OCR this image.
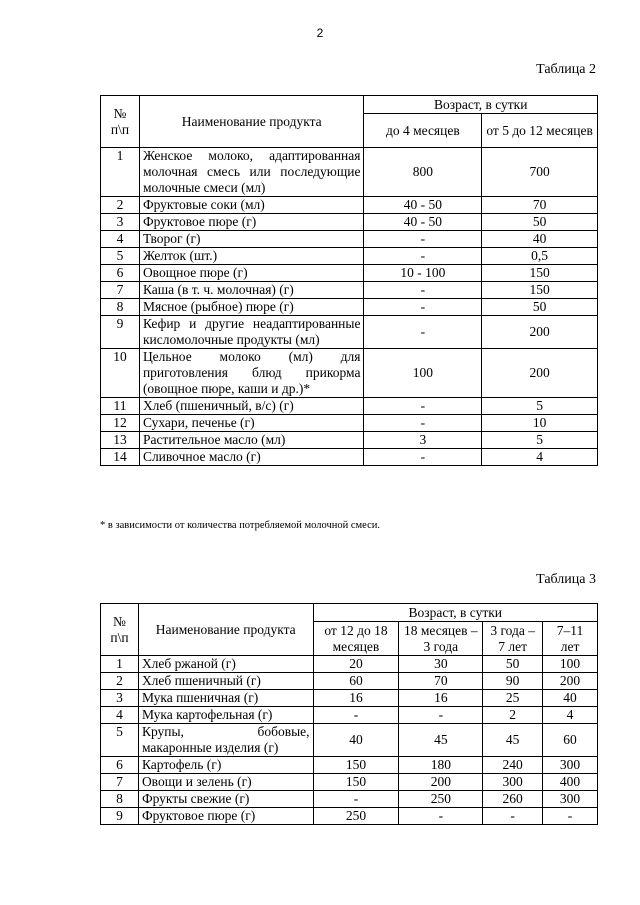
2
Таблица 2
№ п\п	Наименование продукта	Возраст, в сутки	
		до 4 месяцев	от 5 до 12 месяцев
1	Женское молоко, адаптированная молочная смесь или последующие молочные смеси (мл)	800	700
2	Фруктовые соки (мл)	40 - 50	70
3	Фруктовое пюре (г)	40 - 50	50
4	Творог (г)	-	40
5	Желток (шт.)	-	0,5
6	Овощное пюре (г)	10 - 100	150
7	Каша (в т. ч. молочная) (г)	-	150
8	Мясное (рыбное) пюре (г)	-	50
9	Кефир и другие неадаптированные кисломолочные продукты (мл)	-	200
10	Цельное молоко (мл) для приготовления блюд прикорма (овощное пюре, каши и др.)*	100	200
11	Хлеб (пшеничный, в/с) (г)	-	5
12	Сухари, печенье (г)	-	10
13	Растительное масло (мл)	3	5
14	Сливочное масло (г)	-	4
* в зависимости от количества потребляемой молочной смеси.
Таблица 3
№ п\п	Наименование продукта	Возраст, в сутки			
		от 12 до 18 месяцев	18 месяцев – 3 года	3 года – 7 лет	7–11 лет
1	Хлеб ржаной (г)	20	30	50	100
2	Хлеб пшеничный (г)	60	70	90	200
3	Мука пшеничная (г)	16	16	25	40
4	Мука картофельная (г)	-	-	2	4
5	Крупы, бобовые, макаронные изделия (г)	40	45	45	60
6	Картофель (г)	150	180	240	300
7	Овощи и зелень (г)	150	200	300	400
8	Фрукты свежие (г)	-	250	260	300
9	Фруктовое пюре (г)	250	-	-	-
